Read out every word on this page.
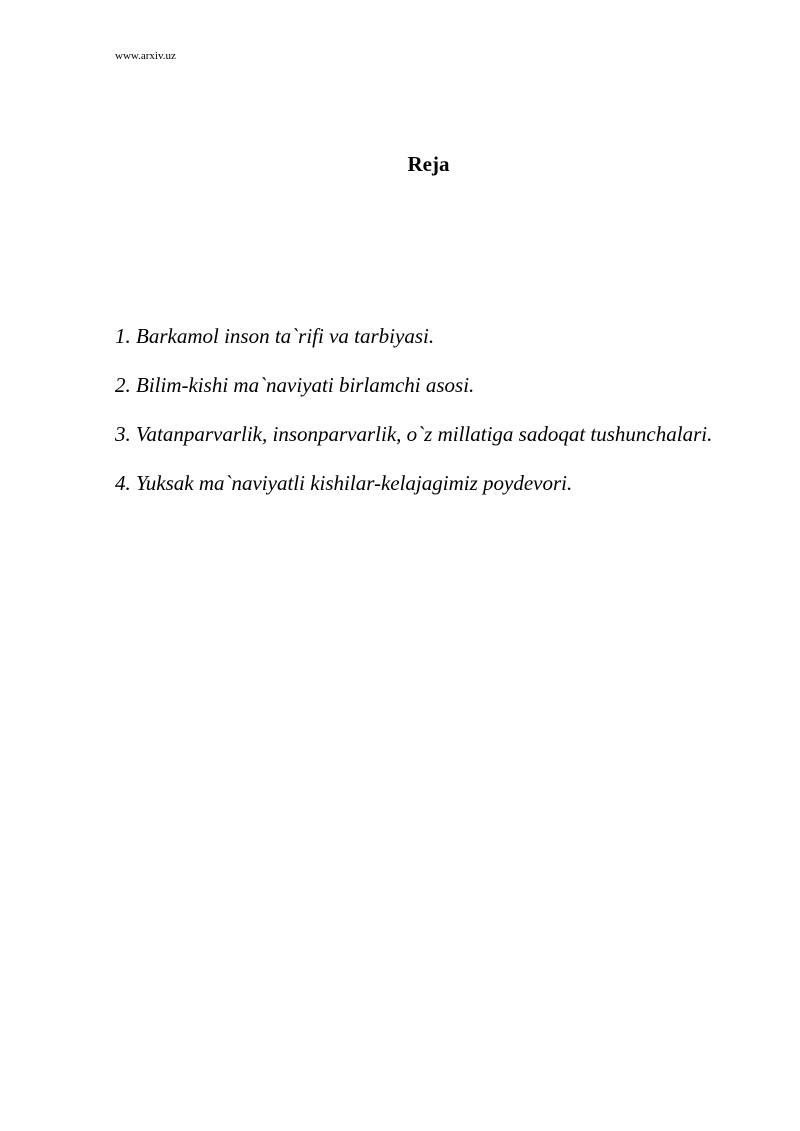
www.arxiv.uz
Reja
1. Barkamol inson ta`rifi va tarbiyasi.
2. Bilim-kishi ma`naviyati birlamchi asosi.
3. Vatanparvarlik, insonparvarlik, o`z millatiga sadoqat tushunchalari.
4. Yuksak ma`naviyatli kishilar-kelajagimiz poydevori.
